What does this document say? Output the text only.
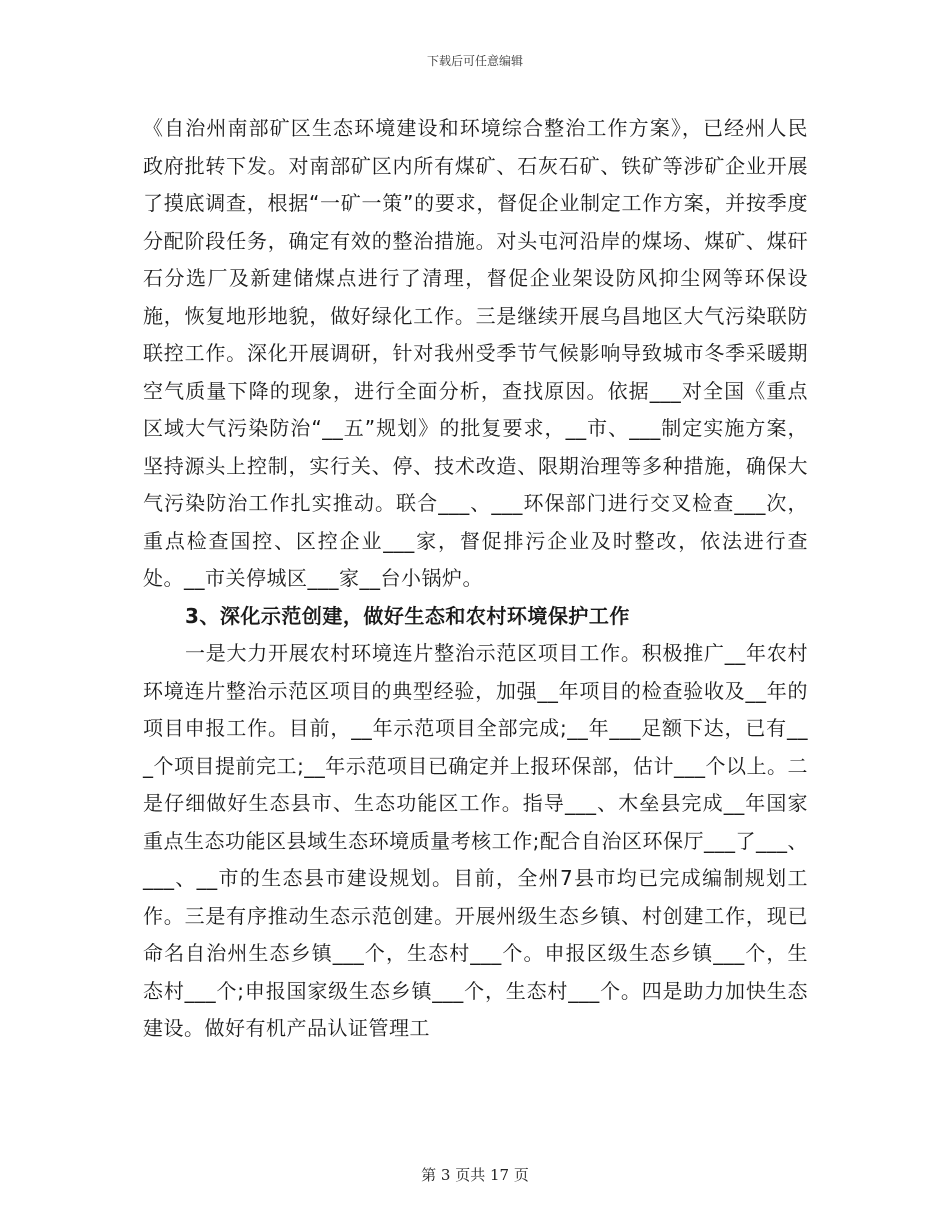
下载后可任意编辑

《自治州南部矿区生态环境建设和环境综合整治工作方案》，已经州人民政府批转下发。对南部矿区内所有煤矿、石灰石矿、铁矿等涉矿企业开展了摸底调查，根据“一矿一策”的要求，督促企业制定工作方案，并按季度分配阶段任务，确定有效的整治措施。对头屯河沿岸的煤场、煤矿、煤矸石分选厂及新建储煤点进行了清理，督促企业架设防风抑尘网等环保设施，恢复地形地貌，做好绿化工作。三是继续开展乌昌地区大气污染联防联控工作。深化开展调研，针对我州受季节气候影响导致城市冬季采暖期空气质量下降的现象，进行全面分析，查找原因。依据___对全国《重点区域大气污染防治“__五”规划》的批复要求，__市、___制定实施方案，坚持源头上控制，实行关、停、技术改造、限期治理等多种措施，确保大气污染防治工作扎实推动。联合___、___环保部门进行交叉检查___次，重点检查国控、区控企业___家，督促排污企业及时整改，依法进行查处。__市关停城区___家__台小锅炉。

3、深化示范创建，做好生态和农村环境保护工作

一是大力开展农村环境连片整治示范区项目工作。积极推广__年农村环境连片整治示范区项目的典型经验，加强__年项目的检查验收及__年的项目申报工作。目前，__年示范项目全部完成;__年___足额下达，已有___个项目提前完工;__年示范项目已确定并上报环保部，估计___个以上。二是仔细做好生态县市、生态功能区工作。指导___、木垒县完成__年国家重点生态功能区县域生态环境质量考核工作;配合自治区环保厅___了___、___、__市的生态县市建设规划。目前，全州7县市均已完成编制规划工作。三是有序推动生态示范创建。开展州级生态乡镇、村创建工作，现已命名自治州生态乡镇___个，生态村___个。申报区级生态乡镇___个，生态村___个;申报国家级生态乡镇___个，生态村___个。四是助力加快生态建设。做好有机产品认证管理工

第 3 页共 17 页
